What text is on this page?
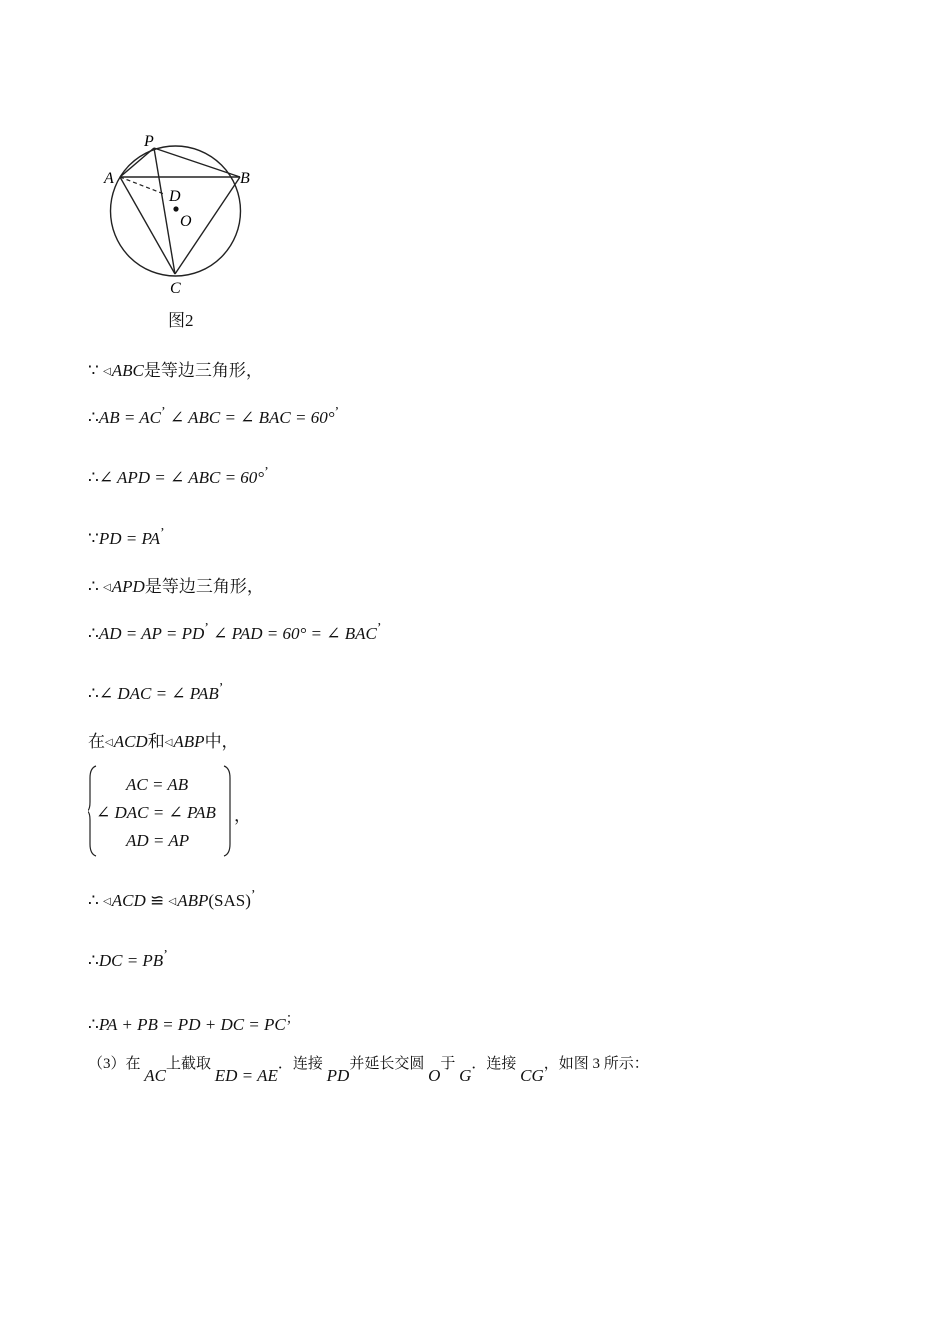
P
A	B
D
O
C
图2
∵ ◁ABC是等边三角形，
∴AB = AC’ ∠ ABC = ∠ BAC = 60°’
∴∠ APD = ∠ ABC = 60°’
∵PD = PA’
∴ ◁APD是等边三角形，
∴AD = AP = PD’ ∠ PAD = 60° = ∠ BAC’
∴∠ DAC = ∠ PAB’
在◁ACD和◁ABP中，
AC = AB
∠ DAC = ∠ PAB
AD = AP
，
∴ ◁ACD ≌ ◁ABP(SAS)’
∴DC = PB’
∴PA + PB = PD + DC = PC；
（3）在 AC上截取 ED = AE．连接 PD并延长交圆 O于 G．连接 CG，如图 3 所示：
